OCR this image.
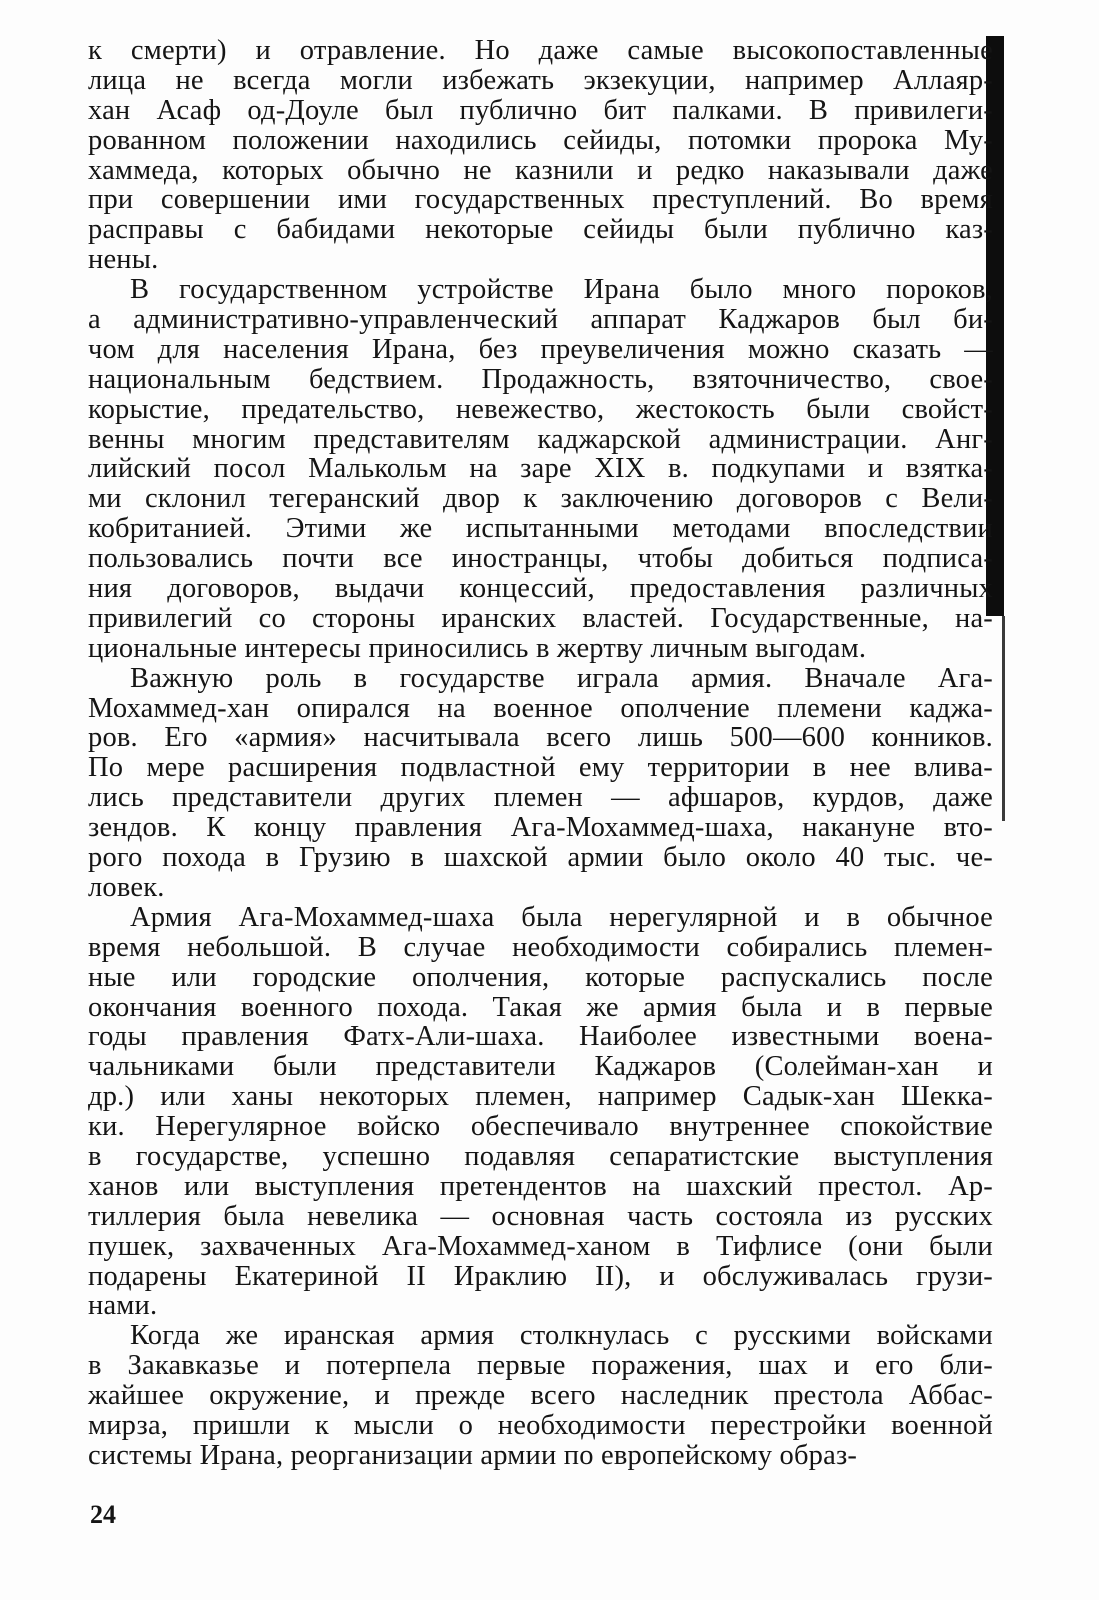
к смерти) и отравление. Но даже самые высокопоставленные
лица не всегда могли избежать экзекуции, например Аллаяр-
хан Асаф од-Доуле был публично бит палками. В привилеги-
рованном положении находились сейиды, потомки пророка Му-
хаммеда, которых обычно не казнили и редко наказывали даже
при совершении ими государственных преступлений. Во время
расправы с бабидами некоторые сейиды были публично каз-
нены.
В государственном устройстве Ирана было много пороков,
а административно-управленческий аппарат Каджаров был би-
чом для населения Ирана, без преувеличения можно сказать —
национальным бедствием. Продажность, взяточничество, свое-
корыстие, предательство, невежество, жестокость были свойст-
венны многим представителям каджарской администрации. Анг-
лийский посол Малькольм на заре XIX в. подкупами и взятка-
ми склонил тегеранский двор к заключению договоров с Вели-
кобританией. Этими же испытанными методами впоследствии
пользовались почти все иностранцы, чтобы добиться подписа-
ния договоров, выдачи концессий, предоставления различных
привилегий со стороны иранских властей. Государственные, на-
циональные интересы приносились в жертву личным выгодам.
Важную роль в государстве играла армия. Вначале Ага-
Мохаммед-хан опирался на военное ополчение племени каджа-
ров. Его «армия» насчитывала всего лишь 500—600 конников.
По мере расширения подвластной ему территории в нее влива-
лись представители других племен — афшаров, курдов, даже
зендов. К концу правления Ага-Мохаммед-шаха, накануне вто-
рого похода в Грузию в шахской армии было около 40 тыс. че-
ловек.
Армия Ага-Мохаммед-шаха была нерегулярной и в обычное
время небольшой. В случае необходимости собирались племен-
ные или городские ополчения, которые распускались после
окончания военного похода. Такая же армия была и в первые
годы правления Фатх-Али-шаха. Наиболее известными военa-
чальниками были представители Каджаров (Солейман-хан и
др.) или ханы некоторых племен, например Садык-хан Шекка-
ки. Нерегулярное войско обеспечивало внутреннее спокойствие
в государстве, успешно подавляя сепаратистские выступления
ханов или выступления претендентов на шахский престол. Ар-
тиллерия была невелика — основная часть состояла из русских
пушек, захваченных Ага-Мохаммед-ханом в Тифлисе (они были
подарены Екатериной II Ираклию II), и обслуживалась грузи-
нами.
Когда же иранская армия столкнулась с русскими войсками
в Закавказье и потерпела первые поражения, шах и его бли-
жайшее окружение, и прежде всего наследник престола Аббас-
мирза, пришли к мысли о необходимости перестройки военной
системы Ирана, реорганизации армии по европейскому образ-
24
